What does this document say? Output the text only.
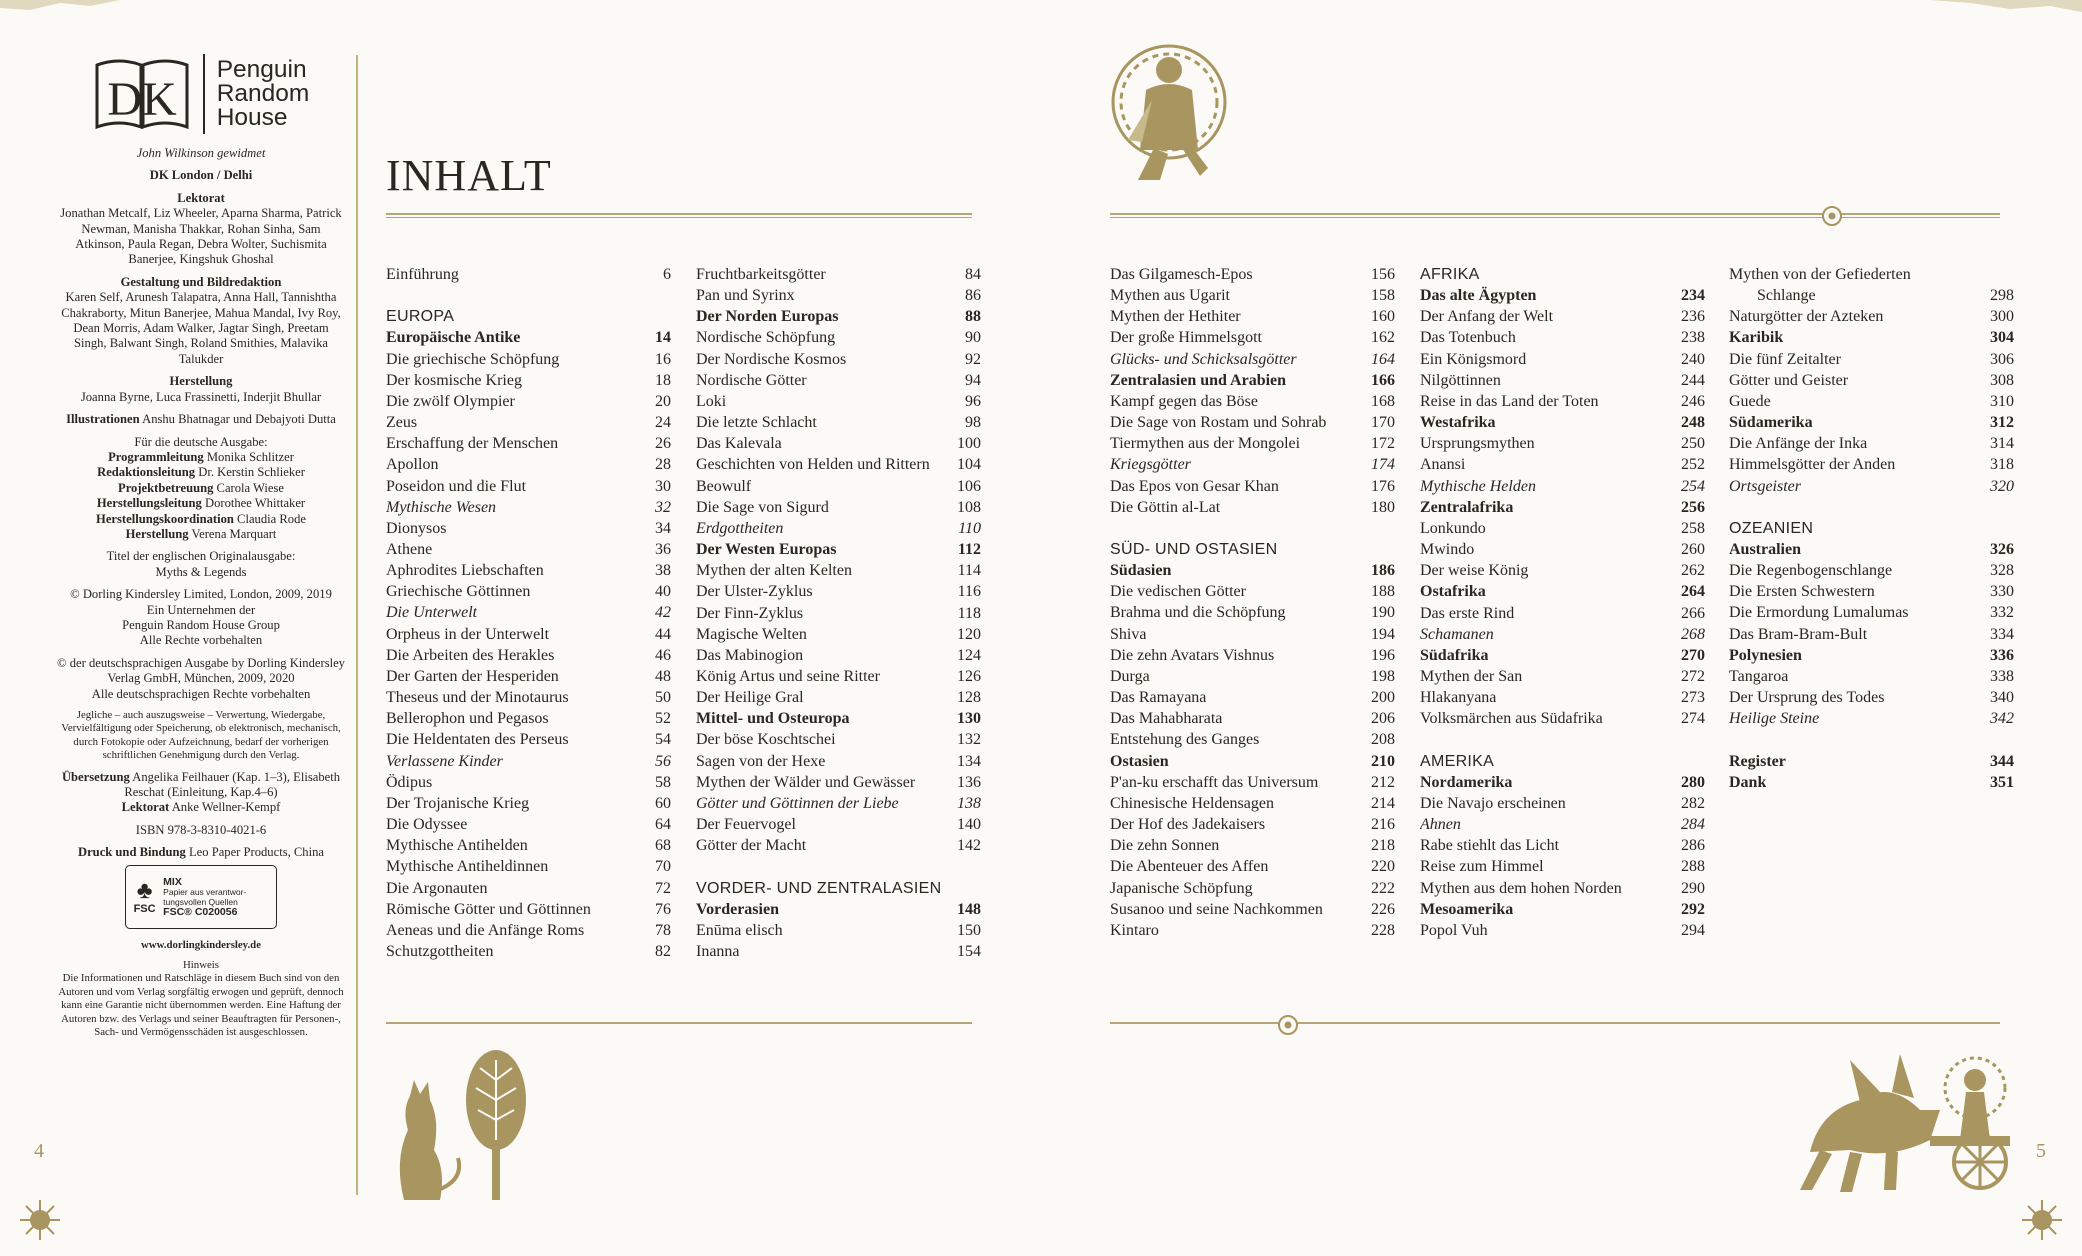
DK
Penguin
Random
House
John Wilkinson gewidmet
DK London / Delhi
Lektorat
Jonathan Metcalf, Liz Wheeler, Aparna Sharma, Patrick Newman, Manisha Thakkar, Rohan Sinha, Sam Atkinson, Paula Regan, Debra Wolter, Suchismita Banerjee, Kingshuk Ghoshal
Gestaltung und Bildredaktion
Karen Self, Arunesh Talapatra, Anna Hall, Tannishtha Chakraborty, Mitun Banerjee, Mahua Mandal, Ivy Roy, Dean Morris, Adam Walker, Jagtar Singh, Preetam Singh, Balwant Singh, Roland Smithies, Malavika Talukder
Herstellung
Joanna Byrne, Luca Frassinetti, Inderjit Bhullar
Illustrationen Anshu Bhatnagar und Debajyoti Dutta
Für die deutsche Ausgabe:
Programmleitung Monika Schlitzer
Redaktionsleitung Dr. Kerstin Schlieker
Projektbetreuung Carola Wiese
Herstellungsleitung Dorothee Whittaker
Herstellungskoordination Claudia Rode
Herstellung Verena Marquart
Titel der englischen Originalausgabe:
Myths & Legends
© Dorling Kindersley Limited, London, 2009, 2019
Ein Unternehmen der
Penguin Random House Group
Alle Rechte vorbehalten
© der deutschsprachigen Ausgabe by Dorling Kindersley Verlag GmbH, München, 2009, 2020
Alle deutschsprachigen Rechte vorbehalten
Jegliche – auch auszugsweise – Verwertung, Wiedergabe, Vervielfältigung oder Speicherung, ob elektronisch, mechanisch, durch Fotokopie oder Aufzeichnung, bedarf der vorherigen schriftlichen Genehmigung durch den Verlag.
Übersetzung Angelika Feilhauer (Kap. 1–3), Elisabeth Reschat (Einleitung, Kap.4–6)
Lektorat Anke Wellner-Kempf
ISBN 978-3-8310-4021-6
Druck und Bindung Leo Paper Products, China
♣
FSC
MIX
Papier aus verantwor-tungsvollen Quellen
FSC® C020056
www.dorlingkindersley.de
Hinweis
Die Informationen und Ratschläge in diesem Buch sind von den Autoren und vom Verlag sorgfältig erwogen und geprüft, dennoch kann eine Garantie nicht übernommen werden. Eine Haftung der Autoren bzw. des Verlags und seiner Beauftragten für Personen-, Sach- und Vermögensschäden ist ausgeschlossen.
INHALT
Einführung	6
EUROPA
Europäische Antike	14
Die griechische Schöpfung	16
Der kosmische Krieg	18
Die zwölf Olympier	20
Zeus	24
Erschaffung der Menschen	26
Apollon	28
Poseidon und die Flut	30
Mythische Wesen	32
Dionysos	34
Athene	36
Aphrodites Liebschaften	38
Griechische Göttinnen	40
Die Unterwelt	42
Orpheus in der Unterwelt	44
Die Arbeiten des Herakles	46
Der Garten der Hesperiden	48
Theseus und der Minotaurus	50
Bellerophon und Pegasos	52
Die Heldentaten des Perseus	54
Verlassene Kinder	56
Ödipus	58
Der Trojanische Krieg	60
Die Odyssee	64
Mythische Antihelden	68
Mythische Antiheldinnen	70
Die Argonauten	72
Römische Götter und Göttinnen	76
Aeneas und die Anfänge Roms	78
Schutzgottheiten	82
Fruchtbarkeitsgötter	84
Pan und Syrinx	86
Der Norden Europas	88
Nordische Schöpfung	90
Der Nordische Kosmos	92
Nordische Götter	94
Loki	96
Die letzte Schlacht	98
Das Kalevala	100
Geschichten von Helden und Rittern 104
Beowulf	106
Die Sage von Sigurd	108
Erdgottheiten	110
Der Westen Europas	112
Mythen der alten Kelten	114
Der Ulster-Zyklus	116
Der Finn-Zyklus	118
Magische Welten	120
Das Mabinogion	124
König Artus und seine Ritter	126
Der Heilige Gral	128
Mittel- und Osteuropa	130
Der böse Koschtschei	132
Sagen von der Hexe	134
Mythen der Wälder und Gewässer	136
Götter und Göttinnen der Liebe	138
Der Feuervogel	140
Götter der Macht	142
VORDER- UND ZENTRALASIEN
Vorderasien	148
Enūma elisch	150
Inanna	154
Das Gilgamesch-Epos	156
Mythen aus Ugarit	158
Mythen der Hethiter	160
Der große Himmelsgott	162
Glücks- und Schicksalsgötter	164
Zentralasien und Arabien	166
Kampf gegen das Böse	168
Die Sage von Rostam und Sohrab	170
Tiermythen aus der Mongolei	172
Kriegsgötter	174
Das Epos von Gesar Khan	176
Die Göttin al-Lat	180
SÜD- UND OSTASIEN
Südasien	186
Die vedischen Götter	188
Brahma und die Schöpfung	190
Shiva	194
Die zehn Avatars Vishnus	196
Durga	198
Das Ramayana	200
Das Mahabharata	206
Entstehung des Ganges	208
Ostasien	210
P'an-ku erschafft das Universum	212
Chinesische Heldensagen	214
Der Hof des Jadekaisers	216
Die zehn Sonnen	218
Die Abenteuer des Affen	220
Japanische Schöpfung	222
Susanoo und seine Nachkommen	226
Kintaro	228
AFRIKA
Das alte Ägypten	234
Der Anfang der Welt	236
Das Totenbuch	238
Ein Königsmord	240
Nilgöttinnen	244
Reise in das Land der Toten	246
Westafrika	248
Ursprungsmythen	250
Anansi	252
Mythische Helden	254
Zentralafrika	256
Lonkundo	258
Mwindo	260
Der weise König	262
Ostafrika	264
Das erste Rind	266
Schamanen	268
Südafrika	270
Mythen der San	272
Hlakanyana	273
Volksmärchen aus Südafrika	274
AMERIKA
Nordamerika	280
Die Navajo erscheinen	282
Ahnen	284
Rabe stiehlt das Licht	286
Reise zum Himmel	288
Mythen aus dem hohen Norden	290
Mesoamerika	292
Popol Vuh	294
Mythen von der Gefiederten
Schlange	298
Naturgötter der Azteken	300
Karibik	304
Die fünf Zeitalter	306
Götter und Geister	308
Guede	310
Südamerika	312
Die Anfänge der Inka	314
Himmelsgötter der Anden	318
Ortsgeister	320
OZEANIEN
Australien	326
Die Regenbogenschlange	328
Die Ersten Schwestern	330
Die Ermordung Lumalumas	332
Das Bram-Bram-Bult	334
Polynesien	336
Tangaroa	338
Der Ursprung des Todes	340
Heilige Steine	342
Register	344
Dank	351
4	5
